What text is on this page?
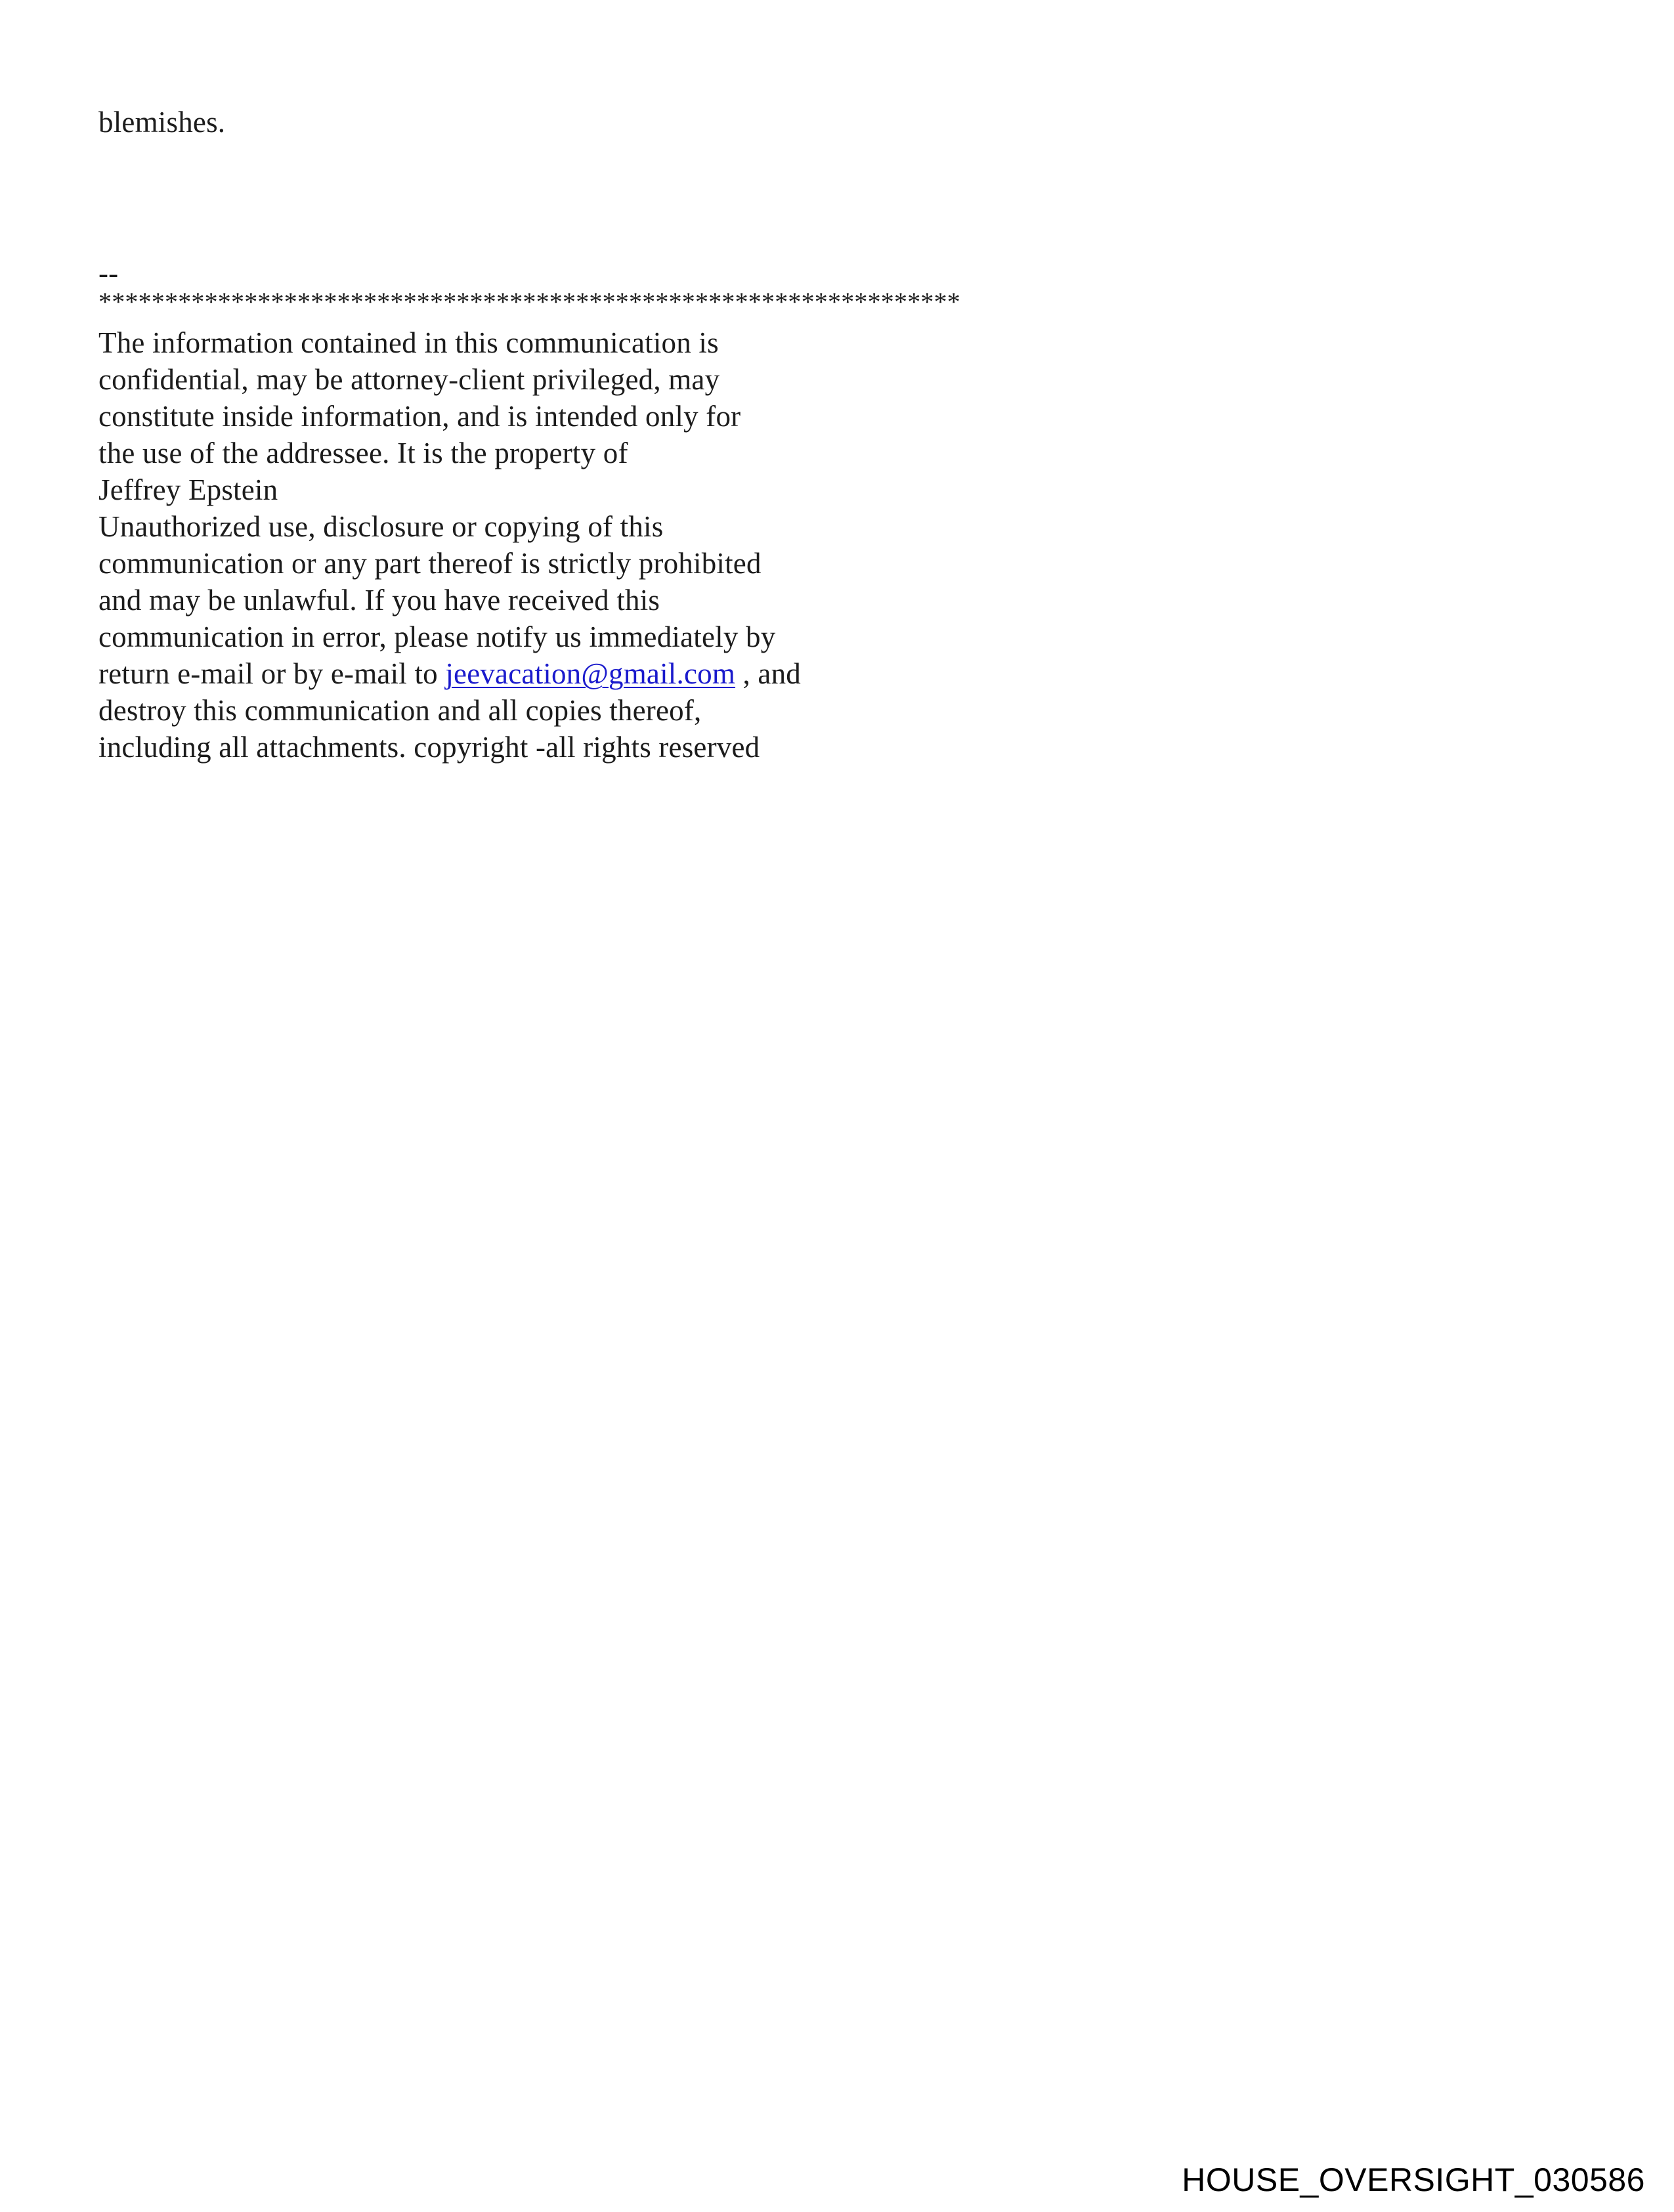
blemishes.
--
*****************************************************************
The information contained in this communication is
confidential, may be attorney-client privileged, may
constitute inside information, and is intended only for
the use of the addressee. It is the property of
Jeffrey Epstein
Unauthorized use, disclosure or copying of this
communication or any part thereof is strictly prohibited
and may be unlawful. If you have received this
communication in error, please notify us immediately by
return e-mail or by e-mail to jeevacation@gmail.com , and
destroy this communication and all copies thereof,
including all attachments. copyright -all rights reserved
HOUSE_OVERSIGHT_030586
